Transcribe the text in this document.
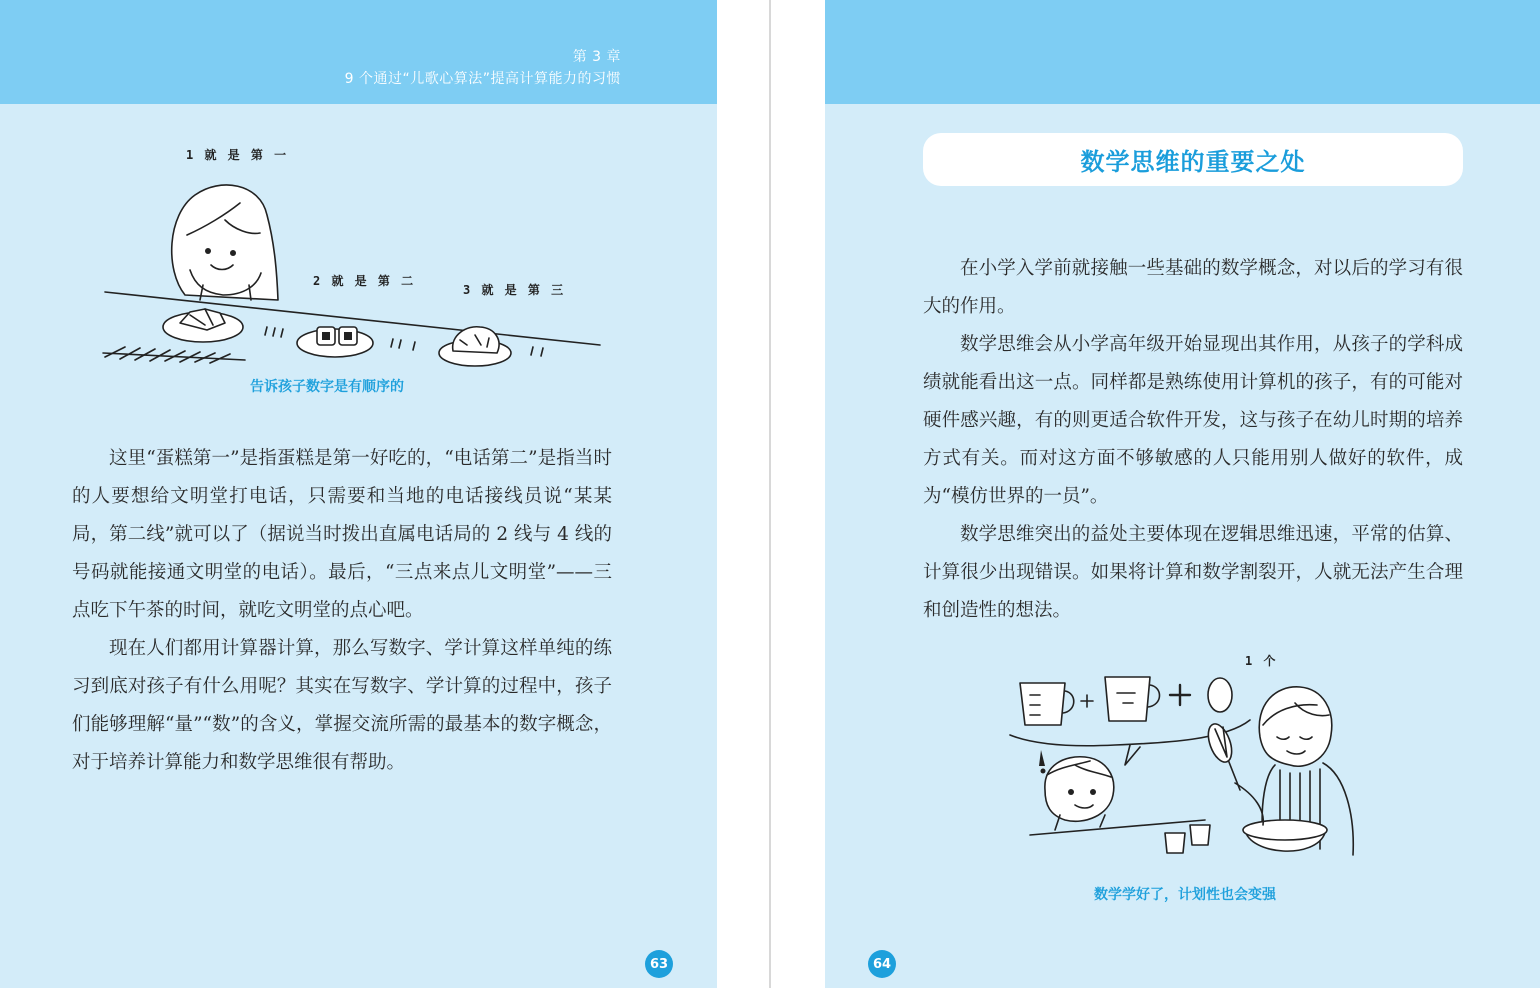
第 3 章
9 个通过“儿歌心算法”提高计算能力的习惯
1 就 是 第 一
2 就 是 第 二
3 就 是 第 三
告诉孩子数字是有顺序的

这里“蛋糕第一”是指蛋糕是第一好吃的，“电话第二”是指当时的人要想给文明堂打电话，只需要和当地的电话接线员说“某某局，第二线”就可以了（据说当时拨出直属电话局的 2 线与 4 线的号码就能接通文明堂的电话）。最后，“三点来点儿文明堂”——三点吃下午茶的时间，就吃文明堂的点心吧。

现在人们都用计算器计算，那么写数字、学计算这样单纯的练习到底对孩子有什么用呢？其实在写数字、学计算的过程中，孩子们能够理解“量”“数”的含义，掌握交流所需的最基本的数字概念，对于培养计算能力和数学思维很有帮助。

63
数学思维的重要之处

在小学入学前就接触一些基础的数学概念，对以后的学习有很大的作用。

数学思维会从小学高年级开始显现出其作用，从孩子的学科成绩就能看出这一点。同样都是熟练使用计算机的孩子，有的可能对硬件感兴趣，有的则更适合软件开发，这与孩子在幼儿时期的培养方式有关。而对这方面不够敏感的人只能用别人做好的软件，成为“模仿世界的一员”。

数学思维突出的益处主要体现在逻辑思维迅速，平常的估算、计算很少出现错误。如果将计算和数学割裂开，人就无法产生合理和创造性的想法。

1 个
数学学好了，计划性也会变强
64
